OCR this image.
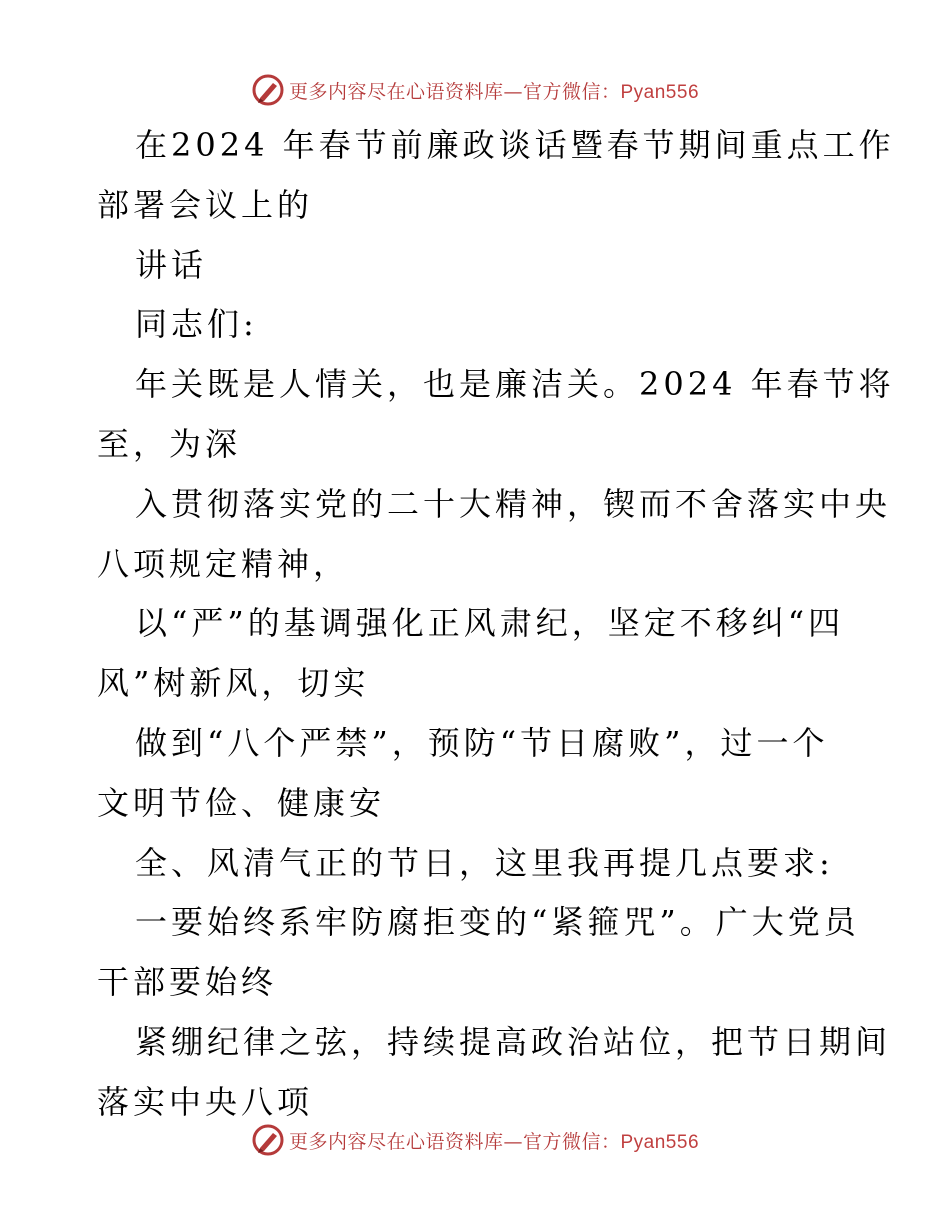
更多内容尽在心语资料库—官方微信：Pyan556
在2024 年春节前廉政谈话暨春节期间重点工作
部署会议上的
讲话
同志们:
年关既是人情关，也是廉洁关。2024 年春节将
至，为深
入贯彻落实党的二十大精神，锲而不舍落实中央
八项规定精神，
以“严”的基调强化正风肃纪，坚定不移纠“四
风”树新风，切实
做到“八个严禁”，预防“节日腐败”，过一个
文明节俭、健康安
全、风清气正的节日，这里我再提几点要求:
一要始终系牢防腐拒变的“紧箍咒”。广大党员
干部要始终
紧绷纪律之弦，持续提高政治站位，把节日期间
落实中央八项
更多内容尽在心语资料库—官方微信：Pyan556
